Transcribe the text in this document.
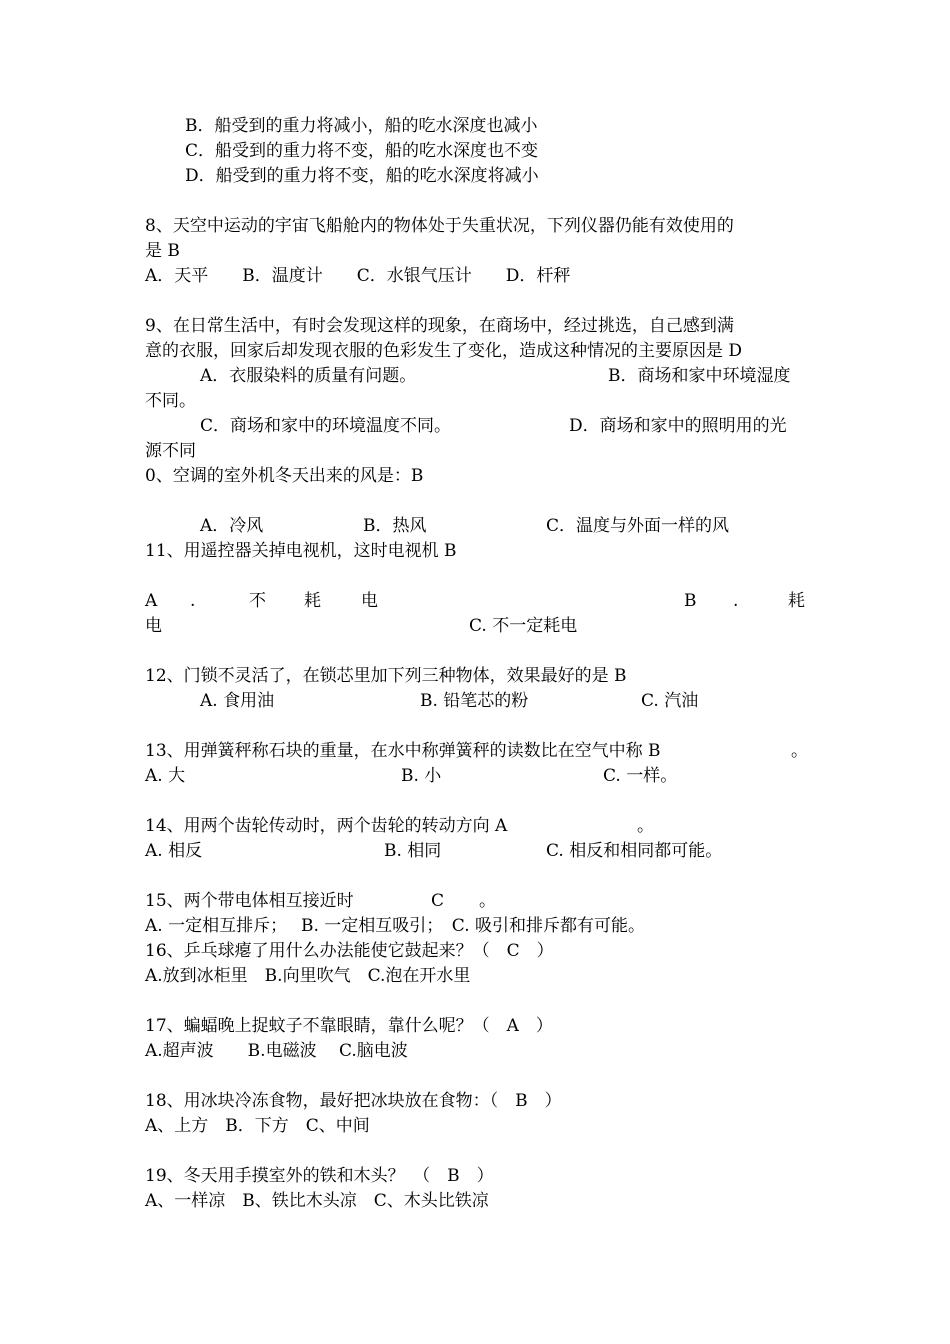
B．船受到的重力将减小，船的吃水深度也减小
C．船受到的重力将不变，船的吃水深度也不变
D．船受到的重力将不变，船的吃水深度将减小
8、天空中运动的宇宙飞船舱内的物体处于失重状况，下列仪器仍能有效使用的
是 B
A．天平　　B．温度计　　C．水银气压计　　D．杆秤
9、在日常生活中，有时会发现这样的现象，在商场中，经过挑选，自己感到满
意的衣服，回家后却发现衣服的色彩发生了变化，造成这种情况的主要原因是 D
A．衣服染料的质量有问题。	B．商场和家中环境湿度
不同。
C．商场和家中的环境温度不同。	D．商场和家中的照明用的光
源不同
0、空调的室外机冬天出来的风是：B
A．冷风	B．热风	C．温度与外面一样的风
11、用遥控器关掉电视机，这时电视机 B
A .	不 耗 电	B .	耗
电	C. 不一定耗电
12、门锁不灵活了，在锁芯里加下列三种物体，效果最好的是 B
A. 食用油	B. 铅笔芯的粉	C. 汽油
13、用弹簧秤称石块的重量，在水中称弹簧秤的读数比在空气中称 B	。
A. 大	B. 小	C. 一样。
14、用两个齿轮传动时，两个齿轮的转动方向 A	。
A. 相反	B. 相同	C. 相反和相同都可能。
15、两个带电体相互接近时	C 。
A. 一定相互排斥；　 B. 一定相互吸引；　C. 吸引和排斥都有可能。
16、乒乓球瘪了用什么办法能使它鼓起来？（　C　）
A.放到冰柜里　B.向里吹气　C.泡在开水里
17、蝙蝠晚上捉蚊子不靠眼睛，靠什么呢？（　A　）
A.超声波　　B.电磁波　 C.脑电波
18、用冰块冷冻食物，最好把冰块放在食物：（　B　）
A、上方　B．下方　C、中间
19、冬天用手摸室外的铁和木头？　（　B　）
A、一样凉　B、铁比木头凉　C、木头比铁凉
